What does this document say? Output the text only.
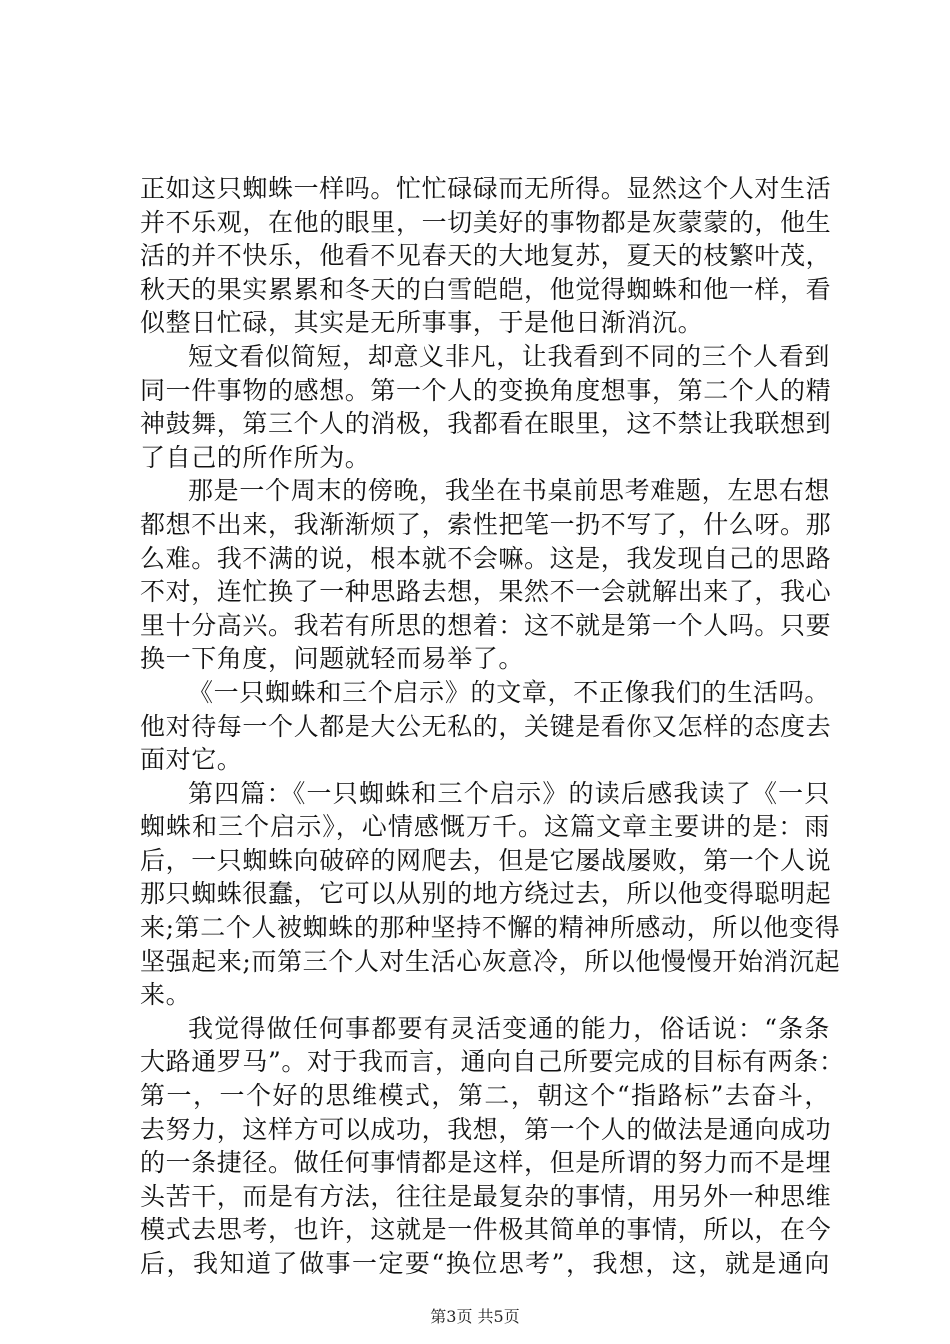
正如这只蜘蛛一样吗。忙忙碌碌而无所得。显然这个人对生活
并不乐观，在他的眼里，一切美好的事物都是灰蒙蒙的，他生
活的并不快乐，他看不见春天的大地复苏，夏天的枝繁叶茂，
秋天的果实累累和冬天的白雪皑皑，他觉得蜘蛛和他一样，看
似整日忙碌，其实是无所事事，于是他日渐消沉。
短文看似简短，却意义非凡，让我看到不同的三个人看到
同一件事物的感想。第一个人的变换角度想事，第二个人的精
神鼓舞，第三个人的消极，我都看在眼里，这不禁让我联想到
了自己的所作所为。
那是一个周末的傍晚，我坐在书桌前思考难题，左思右想
都想不出来，我渐渐烦了，索性把笔一扔不写了，什么呀。那
么难。我不满的说，根本就不会嘛。这是，我发现自己的思路
不对，连忙换了一种思路去想，果然不一会就解出来了，我心
里十分高兴。我若有所思的想着：这不就是第一个人吗。只要
换一下角度，问题就轻而易举了。
《一只蜘蛛和三个启示》的文章，不正像我们的生活吗。
他对待每一个人都是大公无私的，关键是看你又怎样的态度去
面对它。
第四篇：《一只蜘蛛和三个启示》的读后感我读了《一只
蜘蛛和三个启示》，心情感慨万千。这篇文章主要讲的是：雨
后，一只蜘蛛向破碎的网爬去，但是它屡战屡败，第一个人说
那只蜘蛛很蠢，它可以从别的地方绕过去，所以他变得聪明起
来;第二个人被蜘蛛的那种坚持不懈的精神所感动，所以他变得
坚强起来;而第三个人对生活心灰意冷，所以他慢慢开始消沉起
来。
我觉得做任何事都要有灵活变通的能力，俗话说：“条条
大路通罗马”。对于我而言，通向自己所要完成的目标有两条：
第一，一个好的思维模式，第二，朝这个“指路标”去奋斗，
去努力，这样方可以成功，我想，第一个人的做法是通向成功
的一条捷径。做任何事情都是这样，但是所谓的努力而不是埋
头苦干，而是有方法，往往是最复杂的事情，用另外一种思维
模式去思考，也许，这就是一件极其简单的事情，所以，在今
后，我知道了做事一定要“换位思考”，我想，这，就是通向
第3页 共5页
